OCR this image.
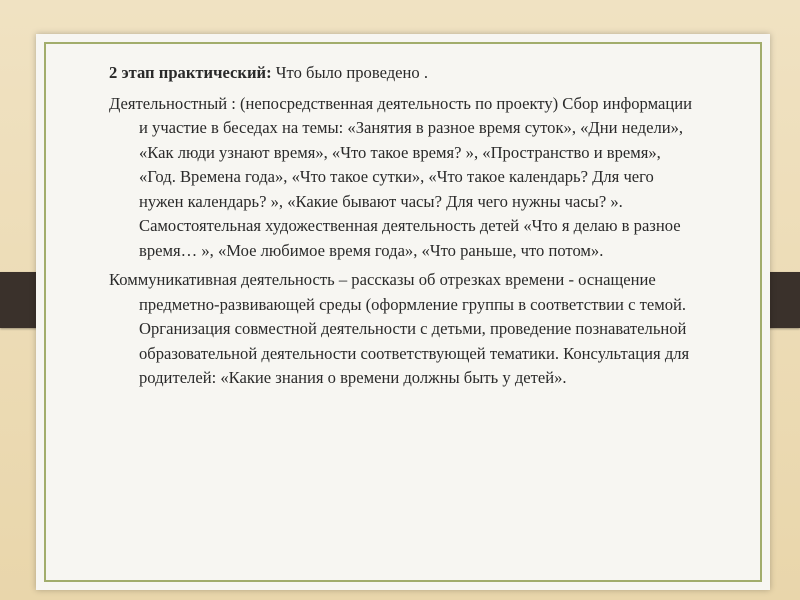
2 этап практический: Что было проведено .

Деятельностный : (непосредственная деятельность по проекту) Сбор информации и участие в беседах на темы: «Занятия в разное время суток», «Дни недели», «Как люди узнают время», «Что такое время? », «Пространство и время», «Год. Времена года», «Что такое сутки», «Что такое календарь? Для чего нужен календарь? », «Какие бывают часы? Для чего нужны часы? ». Самостоятельная художественная деятельность детей «Что я делаю в разное время… », «Мое любимое время года», «Что раньше, что потом».

Коммуникативная деятельность – рассказы об отрезках времени - оснащение предметно-развивающей среды (оформление группы в соответствии с темой. Организация совместной деятельности с детьми, проведение познавательной образовательной деятельности соответствующей тематики. Консультация для родителей: «Какие знания о времени должны быть у детей».
